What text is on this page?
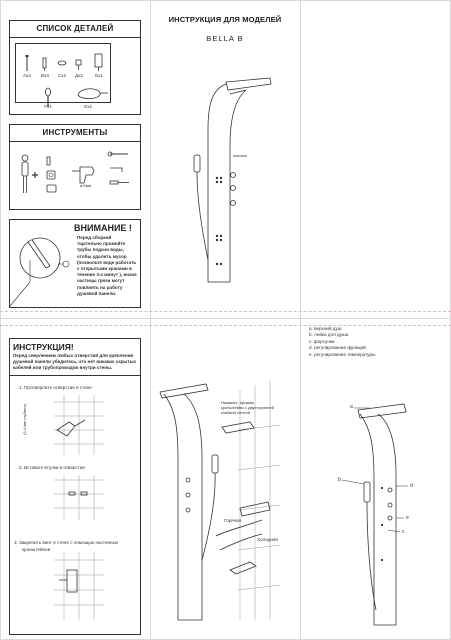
СПИСОК ДЕТАЛЕЙ
Аx4	Вx4	Сx2	Дx2	Еx1
Fx1	Gx1
ИНСТРУМЕНТЫ
ø 6мм
ВНИМАНИЕ !
Перед сборкой
тщательно промойте
трубы подачи воды,
чтобы удалить мусор
(позвольте воде работать
с открытыми кранами в
течение 3-х минут ), иначе
частицы грязи могут
повлиять на работу
душевой панели.
ИНСТРУКЦИЯ ДЛЯ МОДЕЛЕЙ
BELLA B
ИНСТРУКЦИЯ!
Перед сверлением любых отверстий для крепления
душевой панели убедитесь, что нет никаких скрытых
кабелей или трубопроводов внутри стены.
1. Просверлите отверстие в стене
2. Вставьте втулки в отверстие
3. Закрепить винт в стене с помощью настенных
кронштейнов
(3-4 мм глубина)
Нажмите, прижав
кронштейны с двусторонней
клейкой лентой
Горячая
Холодная
a. верхний душ
b. лейка для душа
c. форсунки
d. регулирование функций
e. регулирование температуры
a
b
d
e
c
